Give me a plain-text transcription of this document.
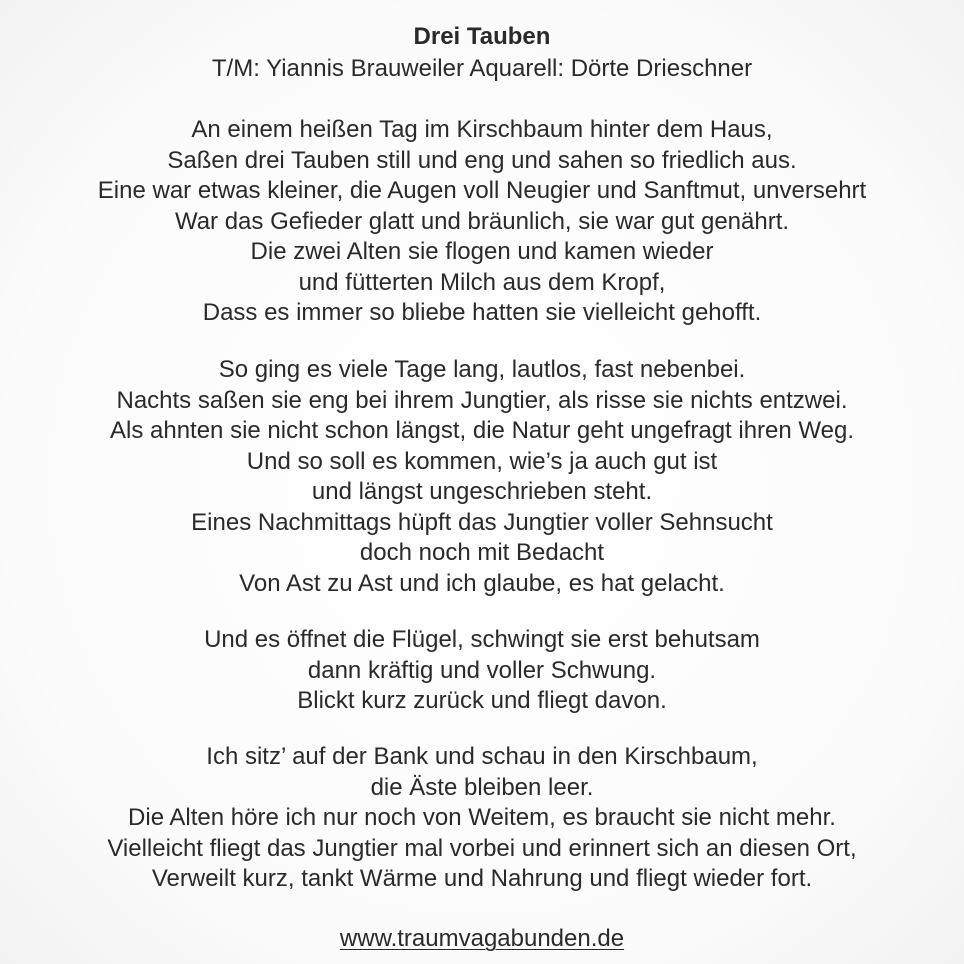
Drei Tauben
T/M: Yiannis Brauweiler Aquarell: Dörte Drieschner
An einem heißen Tag im Kirschbaum hinter dem Haus,
Saßen drei Tauben still und eng und sahen so friedlich aus.
Eine war etwas kleiner, die Augen voll Neugier und Sanftmut, unversehrt
War das Gefieder glatt und bräunlich, sie war gut genährt.
Die zwei Alten sie flogen und kamen wieder
und fütterten Milch aus dem Kropf,
Dass es immer so bliebe hatten sie vielleicht gehofft.
So ging es viele Tage lang, lautlos, fast nebenbei.
Nachts saßen sie eng bei ihrem Jungtier, als risse sie nichts entzwei.
Als ahnten sie nicht schon längst, die Natur geht ungefragt ihren Weg.
Und so soll es kommen, wie’s ja auch gut ist
und längst ungeschrieben steht.
Eines Nachmittags hüpft das Jungtier voller Sehnsucht
doch noch mit Bedacht
Von Ast zu Ast und ich glaube, es hat gelacht.
Und es öffnet die Flügel, schwingt sie erst behutsam
dann kräftig und voller Schwung.
Blickt kurz zurück und fliegt davon.
Ich sitz’ auf der Bank und schau in den Kirschbaum,
die Äste bleiben leer.
Die Alten höre ich nur noch von Weitem, es braucht sie nicht mehr.
Vielleicht fliegt das Jungtier mal vorbei und erinnert sich an diesen Ort,
Verweilt kurz, tankt Wärme und Nahrung und fliegt wieder fort.
www.traumvagabunden.de
